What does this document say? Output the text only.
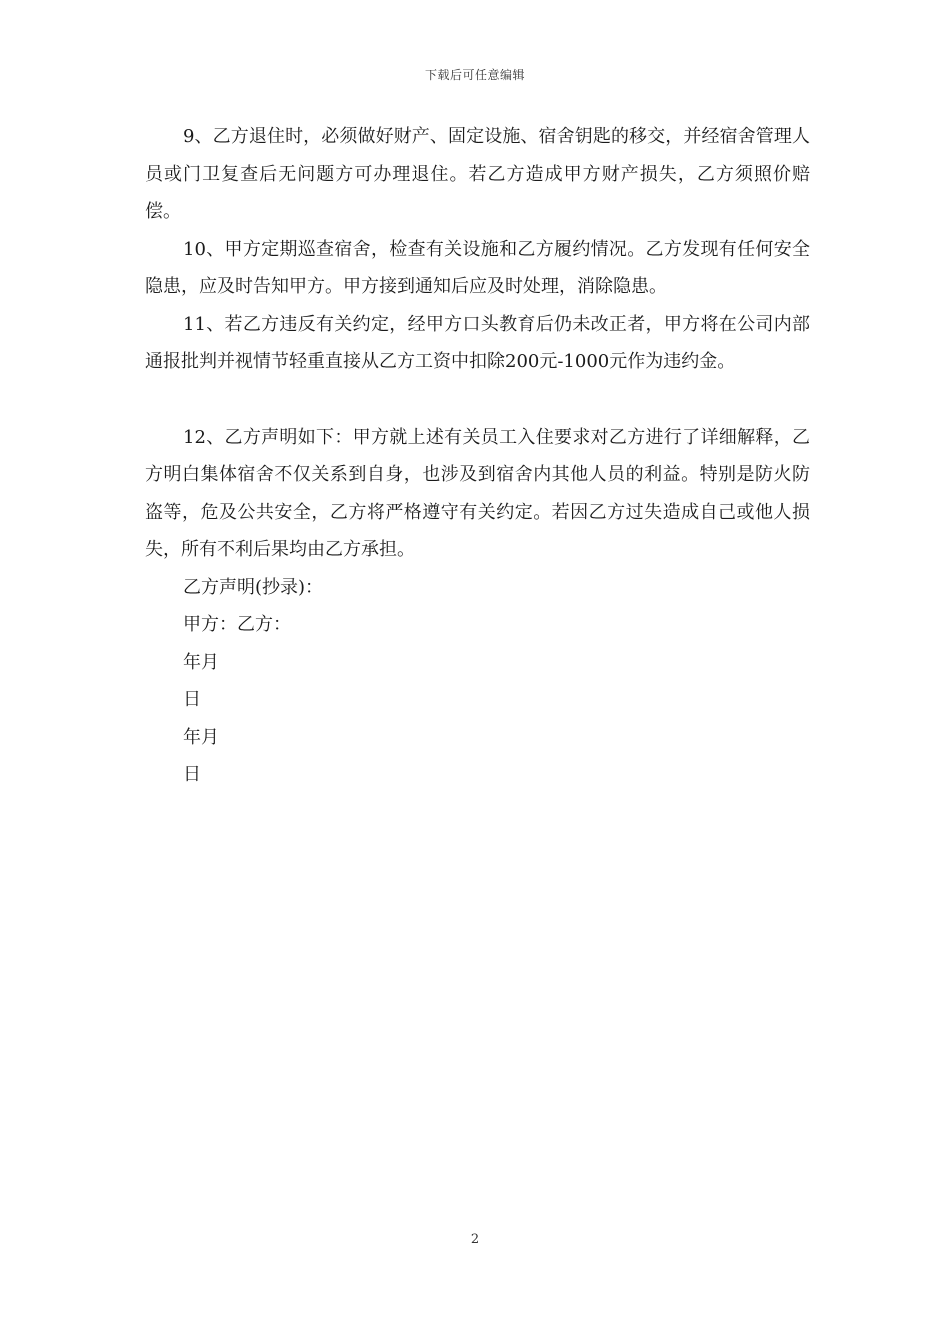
下载后可任意编辑

9、乙方退住时，必须做好财产、固定设施、宿舍钥匙的移交，并经宿舍管理人员或门卫复查后无问题方可办理退住。若乙方造成甲方财产损失，乙方须照价赔偿。

10、甲方定期巡查宿舍，检查有关设施和乙方履约情况。乙方发现有任何安全隐患，应及时告知甲方。甲方接到通知后应及时处理，消除隐患。

11、若乙方违反有关约定，经甲方口头教育后仍未改正者，甲方将在公司内部通报批判并视情节轻重直接从乙方工资中扣除200元-1000元作为违约金。

12、乙方声明如下：甲方就上述有关员工入住要求对乙方进行了详细解释，乙方明白集体宿舍不仅关系到自身，也涉及到宿舍内其他人员的利益。特别是防火防盗等，危及公共安全，乙方将严格遵守有关约定。若因乙方过失造成自己或他人损失，所有不利后果均由乙方承担。

乙方声明(抄录)：

甲方：乙方：

年月

日

年月

日

2
